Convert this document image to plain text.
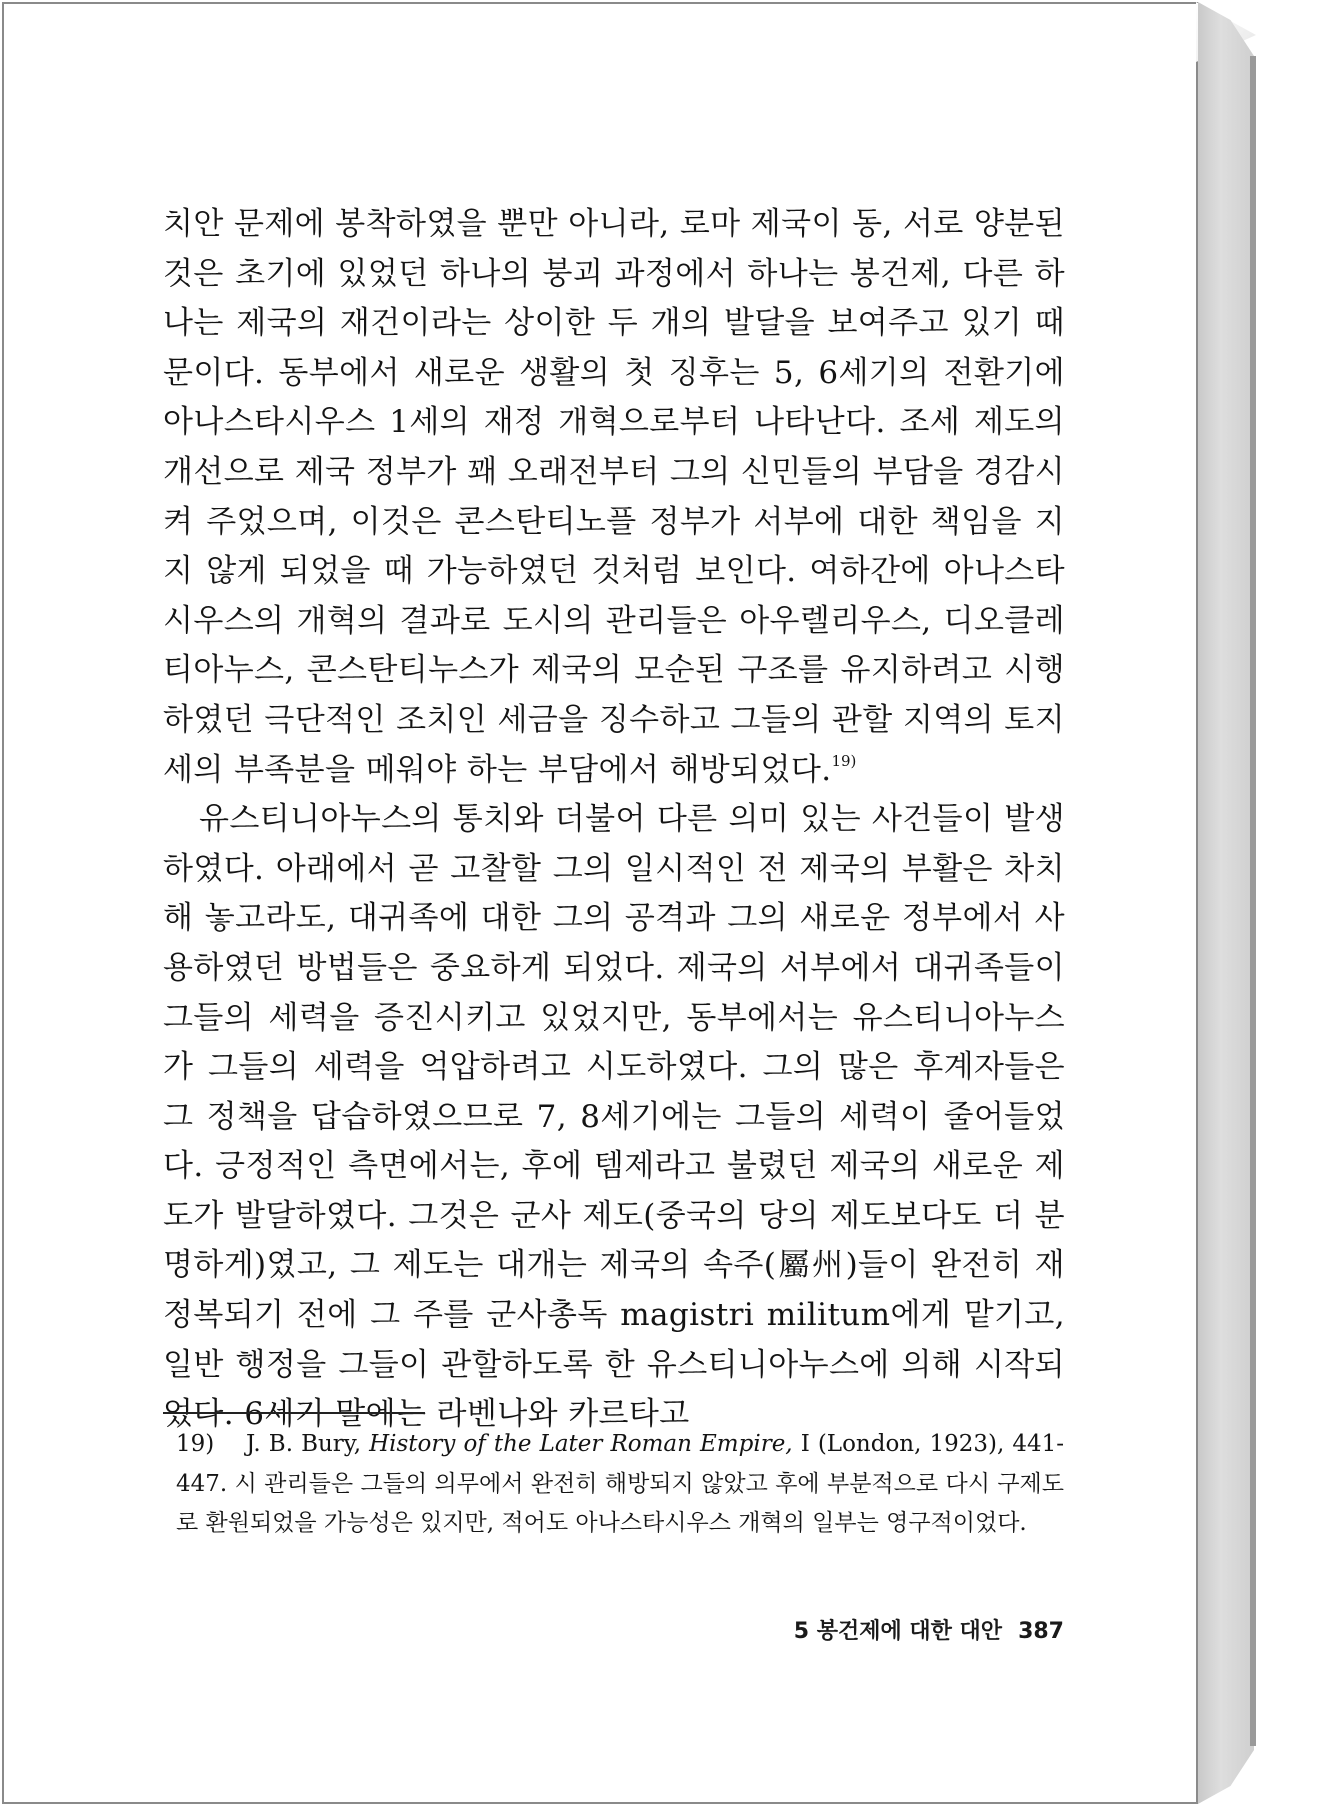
치안 문제에 봉착하였을 뿐만 아니라, 로마 제국이 동, 서로 양분된 것은 초기에 있었던 하나의 붕괴 과정에서 하나는 봉건제, 다른 하나는 제국의 재건이라는 상이한 두 개의 발달을 보여주고 있기 때문이다. 동부에서 새로운 생활의 첫 징후는 5, 6세기의 전환기에 아나스타시우스 1세의 재정 개혁으로부터 나타난다. 조세 제도의 개선으로 제국 정부가 꽤 오래전부터 그의 신민들의 부담을 경감시켜 주었으며, 이것은 콘스탄티노플 정부가 서부에 대한 책임을 지지 않게 되었을 때 가능하였던 것처럼 보인다. 여하간에 아나스타시우스의 개혁의 결과로 도시의 관리들은 아우렐리우스, 디오클레티아누스, 콘스탄티누스가 제국의 모순된 구조를 유지하려고 시행하였던 극단적인 조치인 세금을 징수하고 그들의 관할 지역의 토지세의 부족분을 메워야 하는 부담에서 해방되었다.$^{19)}$

유스티니아누스의 통치와 더불어 다른 의미 있는 사건들이 발생하였다. 아래에서 곧 고찰할 그의 일시적인 전 제국의 부활은 차치해 놓고라도, 대귀족에 대한 그의 공격과 그의 새로운 정부에서 사용하였던 방법들은 중요하게 되었다. 제국의 서부에서 대귀족들이 그들의 세력을 증진시키고 있었지만, 동부에서는 유스티니아누스가 그들의 세력을 억압하려고 시도하였다. 그의 많은 후계자들은 그 정책을 답습하였으므로 7, 8세기에는 그들의 세력이 줄어들었다. 긍정적인 측면에서는, 후에 템제라고 불렸던 제국의 새로운 제도가 발달하였다. 그것은 군사 제도(중국의 당의 제도보다도 더 분명하게)였고, 그 제도는 대개는 제국의 속주(屬州)들이 완전히 재정복되기 전에 그 주를 군사총독 magistri militum에게 맡기고, 일반 행정을 그들이 관할하도록 한 유스티니아누스에 의해 시작되었다. 6세기 말에는 라벤나와 카르타고

19) J. B. Bury, History of the Later Roman Empire, I (London, 1923), 441-447. 시 관리들은 그들의 의무에서 완전히 해방되지 않았고 후에 부분적으로 다시 구제도로 환원되었을 가능성은 있지만, 적어도 아나스타시우스 개혁의 일부는 영구적이었다.
5 봉건제에 대한 대안 387
